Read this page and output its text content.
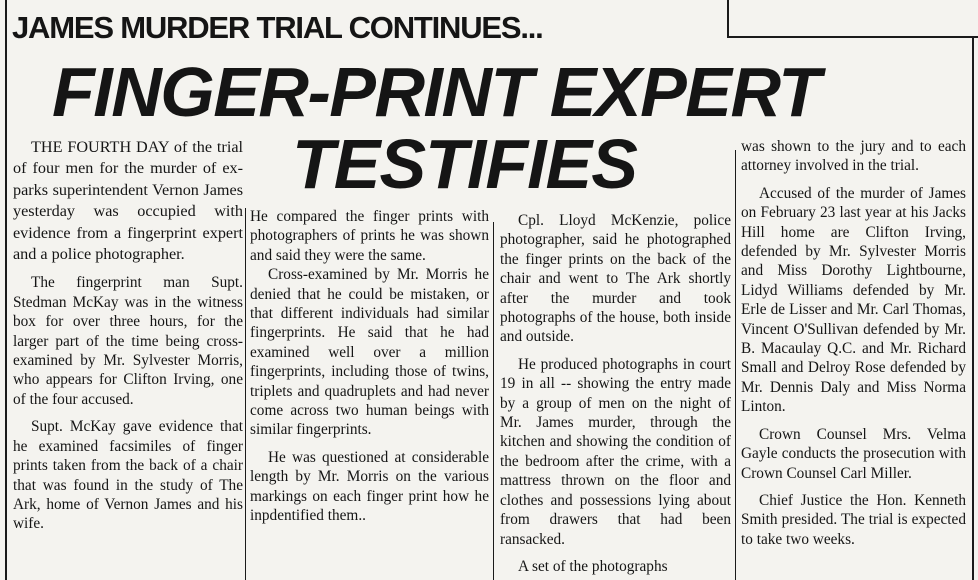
JAMES MURDER TRIAL CONTINUES...
FINGER-PRINT EXPERT
TESTIFIES

THE FOURTH DAY of the trial of four men for the murder of ex-parks superintendent Vernon James yesterday was occupied with evidence from a fingerprint expert and a police photographer.

The fingerprint man Supt. Stedman McKay was in the witness box for over three hours, for the larger part of the time being cross-examined by Mr. Sylvester Morris, who appears for Clifton Irving, one of the four accused.

Supt. McKay gave evidence that he examined facsimiles of finger prints taken from the back of a chair that was found in the study of The Ark, home of Vernon James and his wife.

He compared the finger prints with photographers of prints he was shown and said they were the same.

Cross-examined by Mr. Morris he denied that he could be mistaken, or that different individuals had similar fingerprints. He said that he had examined well over a million fingerprints, including those of twins, triplets and quadruplets and had never come across two human beings with similar fingerprints.

He was questioned at considerable length by Mr. Morris on the various markings on each finger print how he inpdentified them..

Cpl. Lloyd McKenzie, police photographer, said he photographed the finger prints on the back of the chair and went to The Ark shortly after the murder and took photographs of the house, both inside and outside.

He produced photographs in court 19 in all -- showing the entry made by a group of men on the night of Mr. James murder, through the kitchen and showing the condition of the bedroom after the crime, with a mattress thrown on the floor and clothes and possessions lying about from drawers that had been ransacked.

A set of the photographs

was shown to the jury and to each attorney involved in the trial.

Accused of the murder of James on February 23 last year at his Jacks Hill home are Clifton Irving, defended by Mr. Sylvester Morris and Miss Dorothy Lightbourne, Lidyd Williams defended by Mr. Erle de Lisser and Mr. Carl Thomas, Vincent O'Sullivan defended by Mr. B. Macaulay Q.C. and Mr. Richard Small and Delroy Rose defended by Mr. Dennis Daly and Miss Norma Linton.

Crown Counsel Mrs. Velma Gayle conducts the prosecution with Crown Counsel Carl Miller.

Chief Justice the Hon. Kenneth Smith presided. The trial is expected to take two weeks.
